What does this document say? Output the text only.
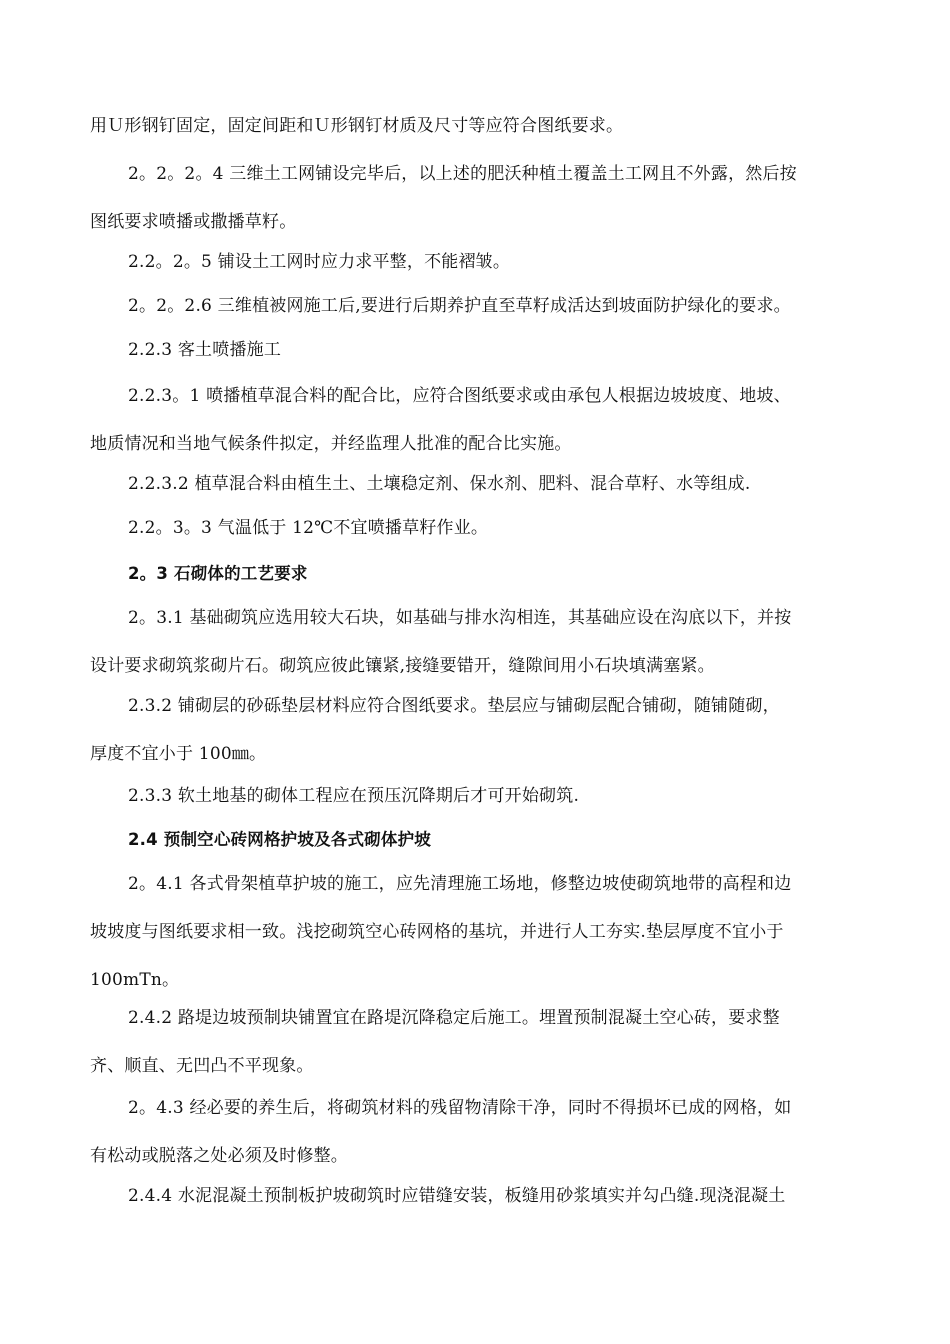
用Ｕ形钢钉固定，固定间距和Ｕ形钢钉材质及尺寸等应符合图纸要求。

2。2。2。4 三维土工网铺设完毕后，以上述的肥沃种植土覆盖土工网且不外露，然后按
图纸要求喷播或撒播草籽。

2.2。2。5 铺设土工网时应力求平整，不能褶皱。

2。2。2.6 三维植被网施工后,要进行后期养护直至草籽成活达到坡面防护绿化的要求。

2.2.3 客土喷播施工

2.2.3。1 喷播植草混合料的配合比，应符合图纸要求或由承包人根据边坡坡度、地坡、
地质情况和当地气候条件拟定，并经监理人批准的配合比实施。

2.2.3.2 植草混合料由植生土、土壤稳定剂、保水剂、肥料、混合草籽、水等组成.

2.2。3。3 气温低于 12℃不宜喷播草籽作业。

2。3 石砌体的工艺要求

2。3.1 基础砌筑应选用较大石块，如基础与排水沟相连，其基础应设在沟底以下，并按
设计要求砌筑浆砌片石。砌筑应彼此镶紧,接缝要错开，缝隙间用小石块填满塞紧。

2.3.2 铺砌层的砂砾垫层材料应符合图纸要求。垫层应与铺砌层配合铺砌，随铺随砌，
厚度不宜小于 100㎜。

2.3.3 软土地基的砌体工程应在预压沉降期后才可开始砌筑.

2.4 预制空心砖网格护坡及各式砌体护坡

2。4.1 各式骨架植草护坡的施工，应先清理施工场地，修整边坡使砌筑地带的高程和边
坡坡度与图纸要求相一致。浅挖砌筑空心砖网格的基坑，并进行人工夯实.垫层厚度不宜小于
100mTn。

2.4.2 路堤边坡预制块铺置宜在路堤沉降稳定后施工。埋置预制混凝土空心砖，要求整
齐、顺直、无凹凸不平现象。

2。4.3 经必要的养生后，将砌筑材料的残留物清除干净，同时不得损坏已成的网格，如
有松动或脱落之处必须及时修整。

2.4.4 水泥混凝土预制板护坡砌筑时应错缝安装，板缝用砂浆填实并勾凸缝.现浇混凝土
